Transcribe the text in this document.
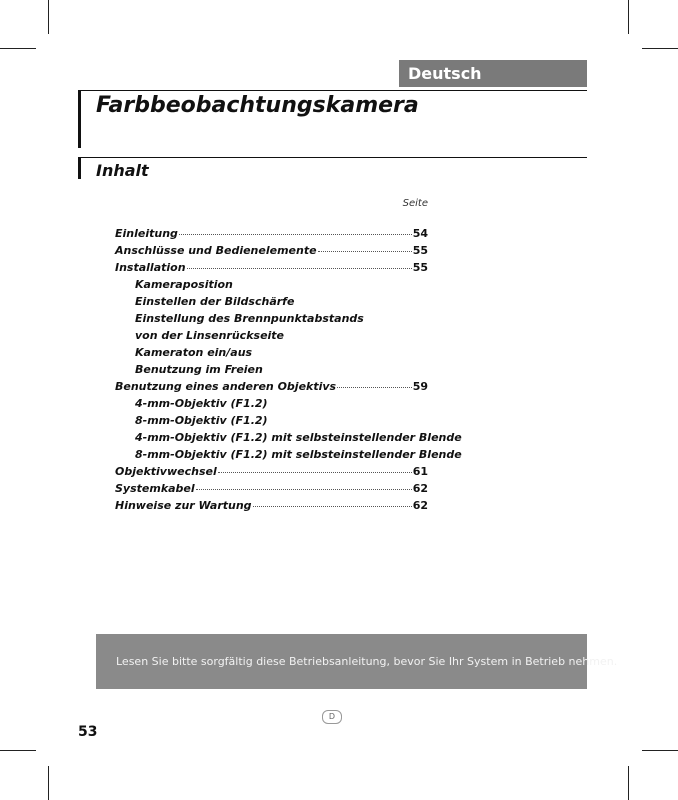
Deutsch
Farbbeobachtungskamera
Inhalt
Seite
Einleitung	54
Anschlüsse und Bedienelemente	55
Installation	55
Kameraposition
Einstellen der Bildschärfe
Einstellung des Brennpunktabstands
von der Linsenrückseite
Kameraton ein/aus
Benutzung im Freien
Benutzung eines anderen Objektivs	59
4-mm-Objektiv (F1.2)
8-mm-Objektiv (F1.2)
4-mm-Objektiv (F1.2) mit selbsteinstellender Blende
8-mm-Objektiv (F1.2) mit selbsteinstellender Blende
Objektivwechsel	61
Systemkabel	62
Hinweise zur Wartung	62
Lesen Sie bitte sorgfältig diese Betriebsanleitung, bevor Sie Ihr System in Betrieb nehmen.
D
53
